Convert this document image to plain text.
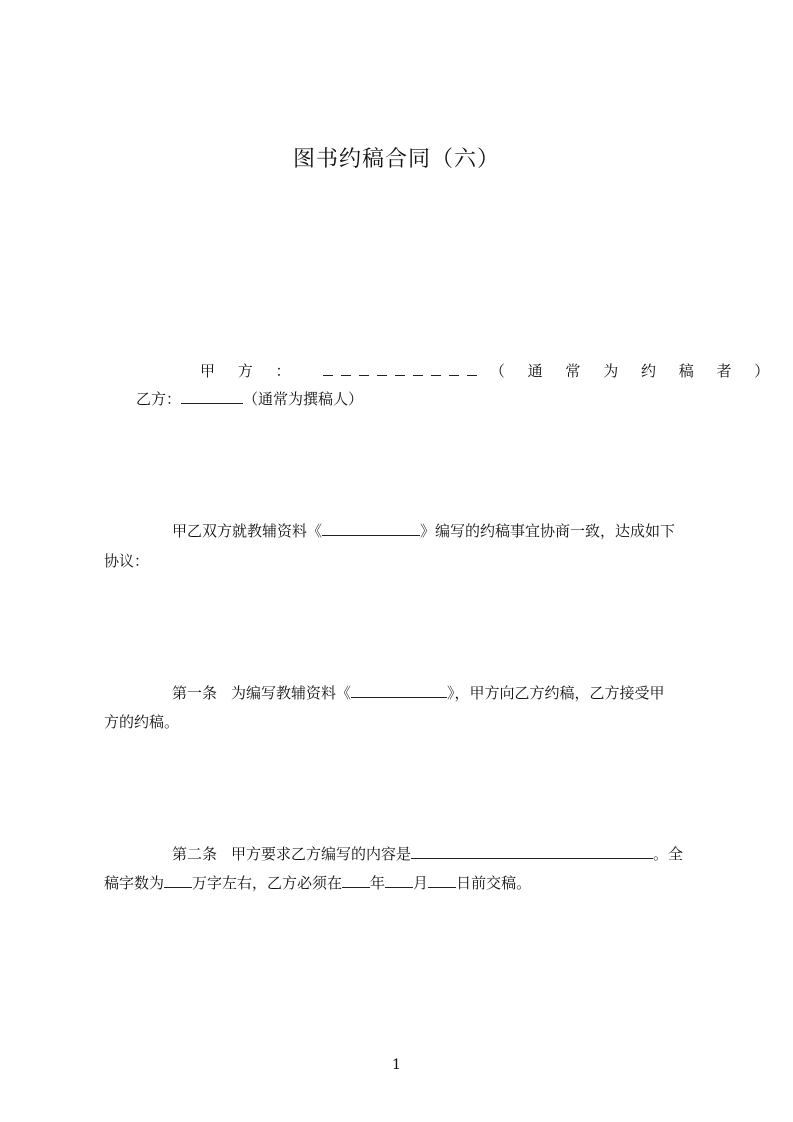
图书约稿合同（六）
甲 方 ：	（ 通 常 为 约 稿 者 ）
乙方：	（通常为撰稿人）
甲乙双方就教辅资料《	》编写的约稿事宜协商一致，达成如下
协议：
第一条 为编写教辅资料《	》，甲方向乙方约稿，乙方接受甲
方的约稿。
第二条 甲方要求乙方编写的内容是	。全
稿字数为 万字左右，乙方必须在 年 月 日前交稿。
1
